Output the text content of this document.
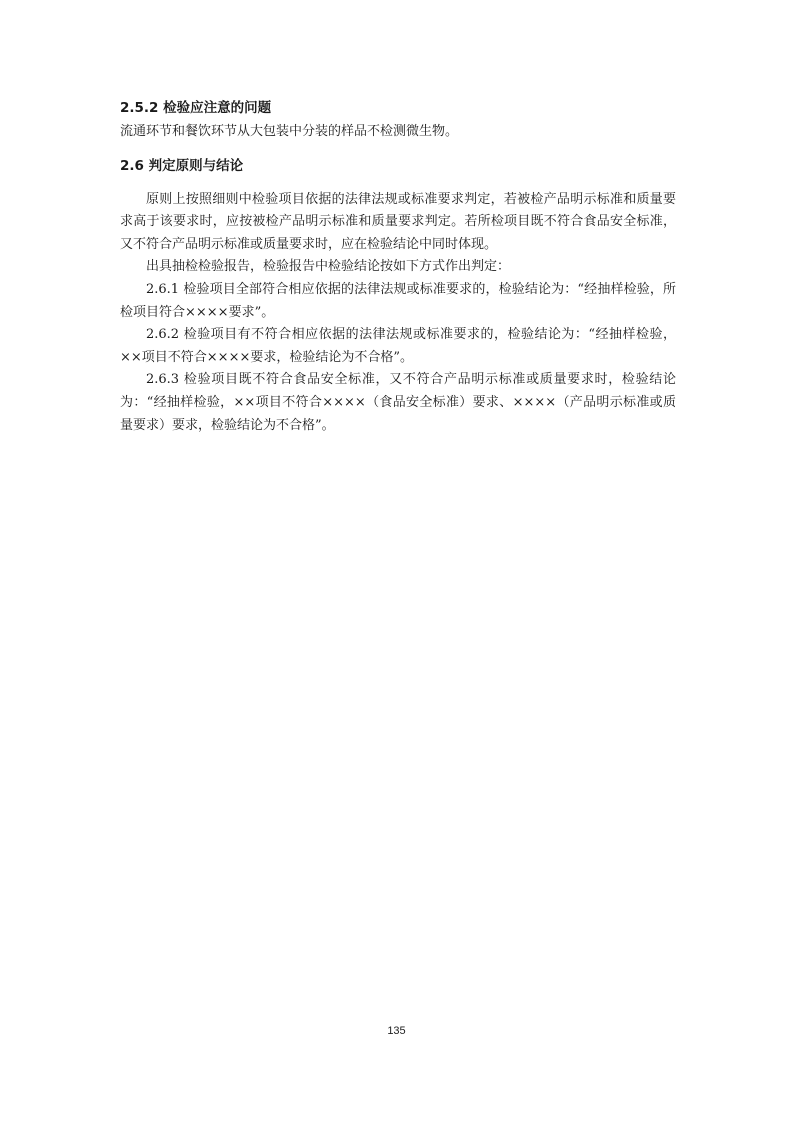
2.5.2 检验应注意的问题

流通环节和餐饮环节从大包装中分装的样品不检测微生物。

2.6 判定原则与结论

原则上按照细则中检验项目依据的法律法规或标准要求判定，若被检产品明示标准和质量要求高于该要求时，应按被检产品明示标准和质量要求判定。若所检项目既不符合食品安全标准，又不符合产品明示标准或质量要求时，应在检验结论中同时体现。

出具抽检检验报告，检验报告中检验结论按如下方式作出判定：

2.6.1 检验项目全部符合相应依据的法律法规或标准要求的，检验结论为：“经抽样检验，所检项目符合××××要求”。

2.6.2 检验项目有不符合相应依据的法律法规或标准要求的，检验结论为：“经抽样检验，××项目不符合××××要求，检验结论为不合格”。

2.6.3 检验项目既不符合食品安全标准，又不符合产品明示标准或质量要求时，检验结论为：“经抽样检验，××项目不符合××××（食品安全标准）要求、××××（产品明示标准或质量要求）要求，检验结论为不合格”。

135
